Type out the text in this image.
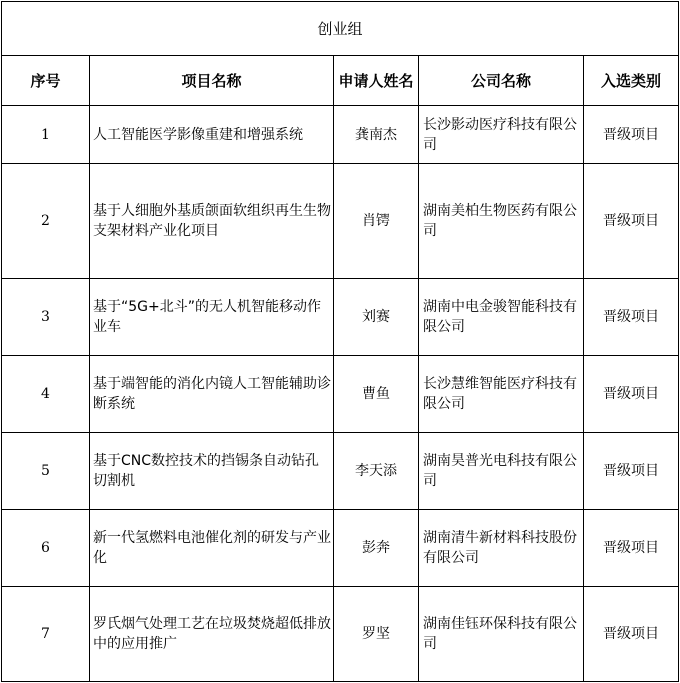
创业组				
序号	项目名称	申请人姓名	公司名称	入选类别
1	人工智能医学影像重建和增强系统	龚南杰	长沙影动医疗科技有限公司	晋级项目
2	基于人细胞外基质颌面软组织再生生物支架材料产业化项目	肖锷	湖南美柏生物医药有限公司	晋级项目
3	基于“5G+北斗”的无人机智能移动作业车	刘赛	湖南中电金骏智能科技有限公司	晋级项目
4	基于端智能的消化内镜人工智能辅助诊断系统	曹鱼	长沙慧维智能医疗科技有限公司	晋级项目
5	基于CNC数控技术的挡锡条自动钻孔切割机	李天添	湖南昊普光电科技有限公司	晋级项目
6	新一代氢燃料电池催化剂的研发与产业化	彭奔	湖南清牛新材料科技股份有限公司	晋级项目
7	罗氏烟气处理工艺在垃圾焚烧超低排放中的应用推广	罗坚	湖南佳钰环保科技有限公司	晋级项目
